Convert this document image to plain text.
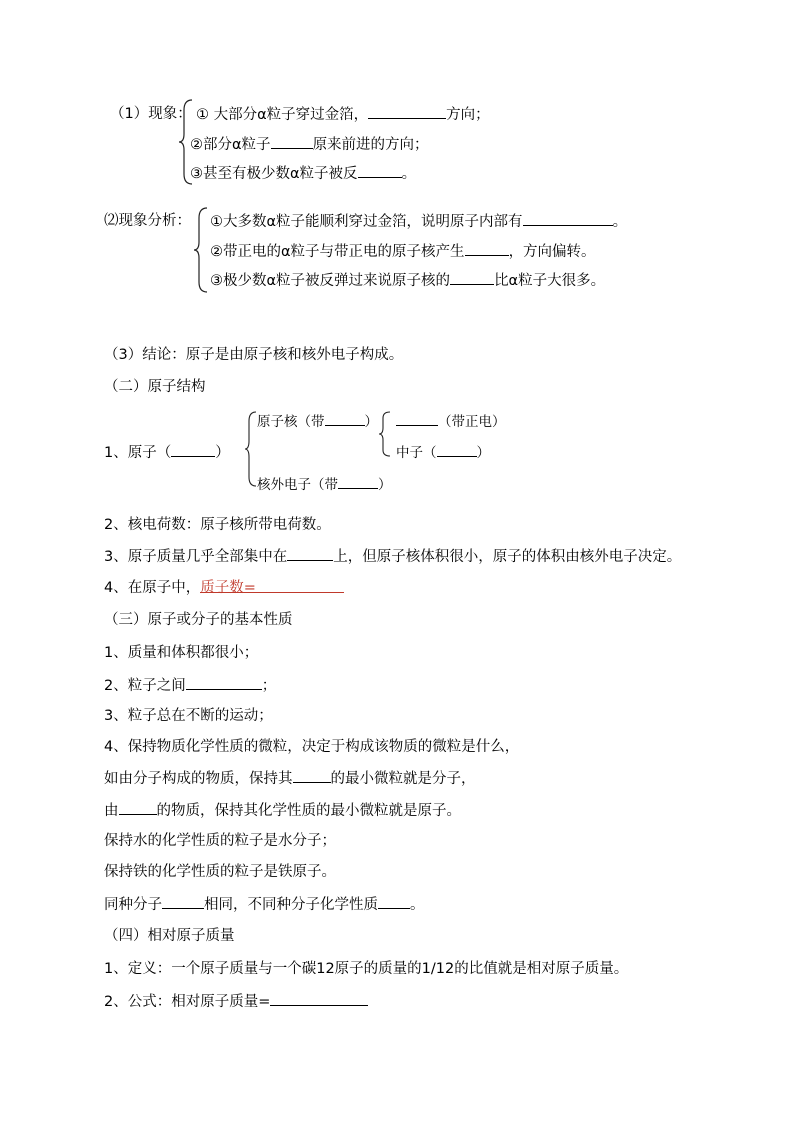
（1）现象： ① 大部分α粒子穿过金箔，	方向；
②部分α粒子	原来前进的方向；
③甚至有极少数α粒子被反	。
⑵现象分析： ①大多数α粒子能顺利穿过金箔，说明原子内部有	。
②带正电的α粒子与带正电的原子核产生	，方向偏转。
③极少数α粒子被反弹过来说原子核的	比α粒子大很多。
（3）结论：原子是由原子核和核外电子构成。
（二）原子结构
1、原子（	）
原子核（带	）	（带正电）
中子（	）
核外电子（带	）
2、核电荷数：原子核所带电荷数。
3、原子质量几乎全部集中在	上，但原子核体积很小，原子的体积由核外电子决定。
4、在原子中，质子数=
（三）原子或分子的基本性质
1、质量和体积都很小；
2、粒子之间	；
3、粒子总在不断的运动；
4、保持物质化学性质的微粒，决定于构成该物质的微粒是什么，
如由分子构成的物质，保持其	的最小微粒就是分子，
由	的物质，保持其化学性质的最小微粒就是原子。
保持水的化学性质的粒子是水分子；
保持铁的化学性质的粒子是铁原子。
同种分子	相同，不同种分子化学性质 。
（四）相对原子质量
1、定义：一个原子质量与一个碳12原子的质量的1/12的比值就是相对原子质量。
2、公式：相对原子质量=
